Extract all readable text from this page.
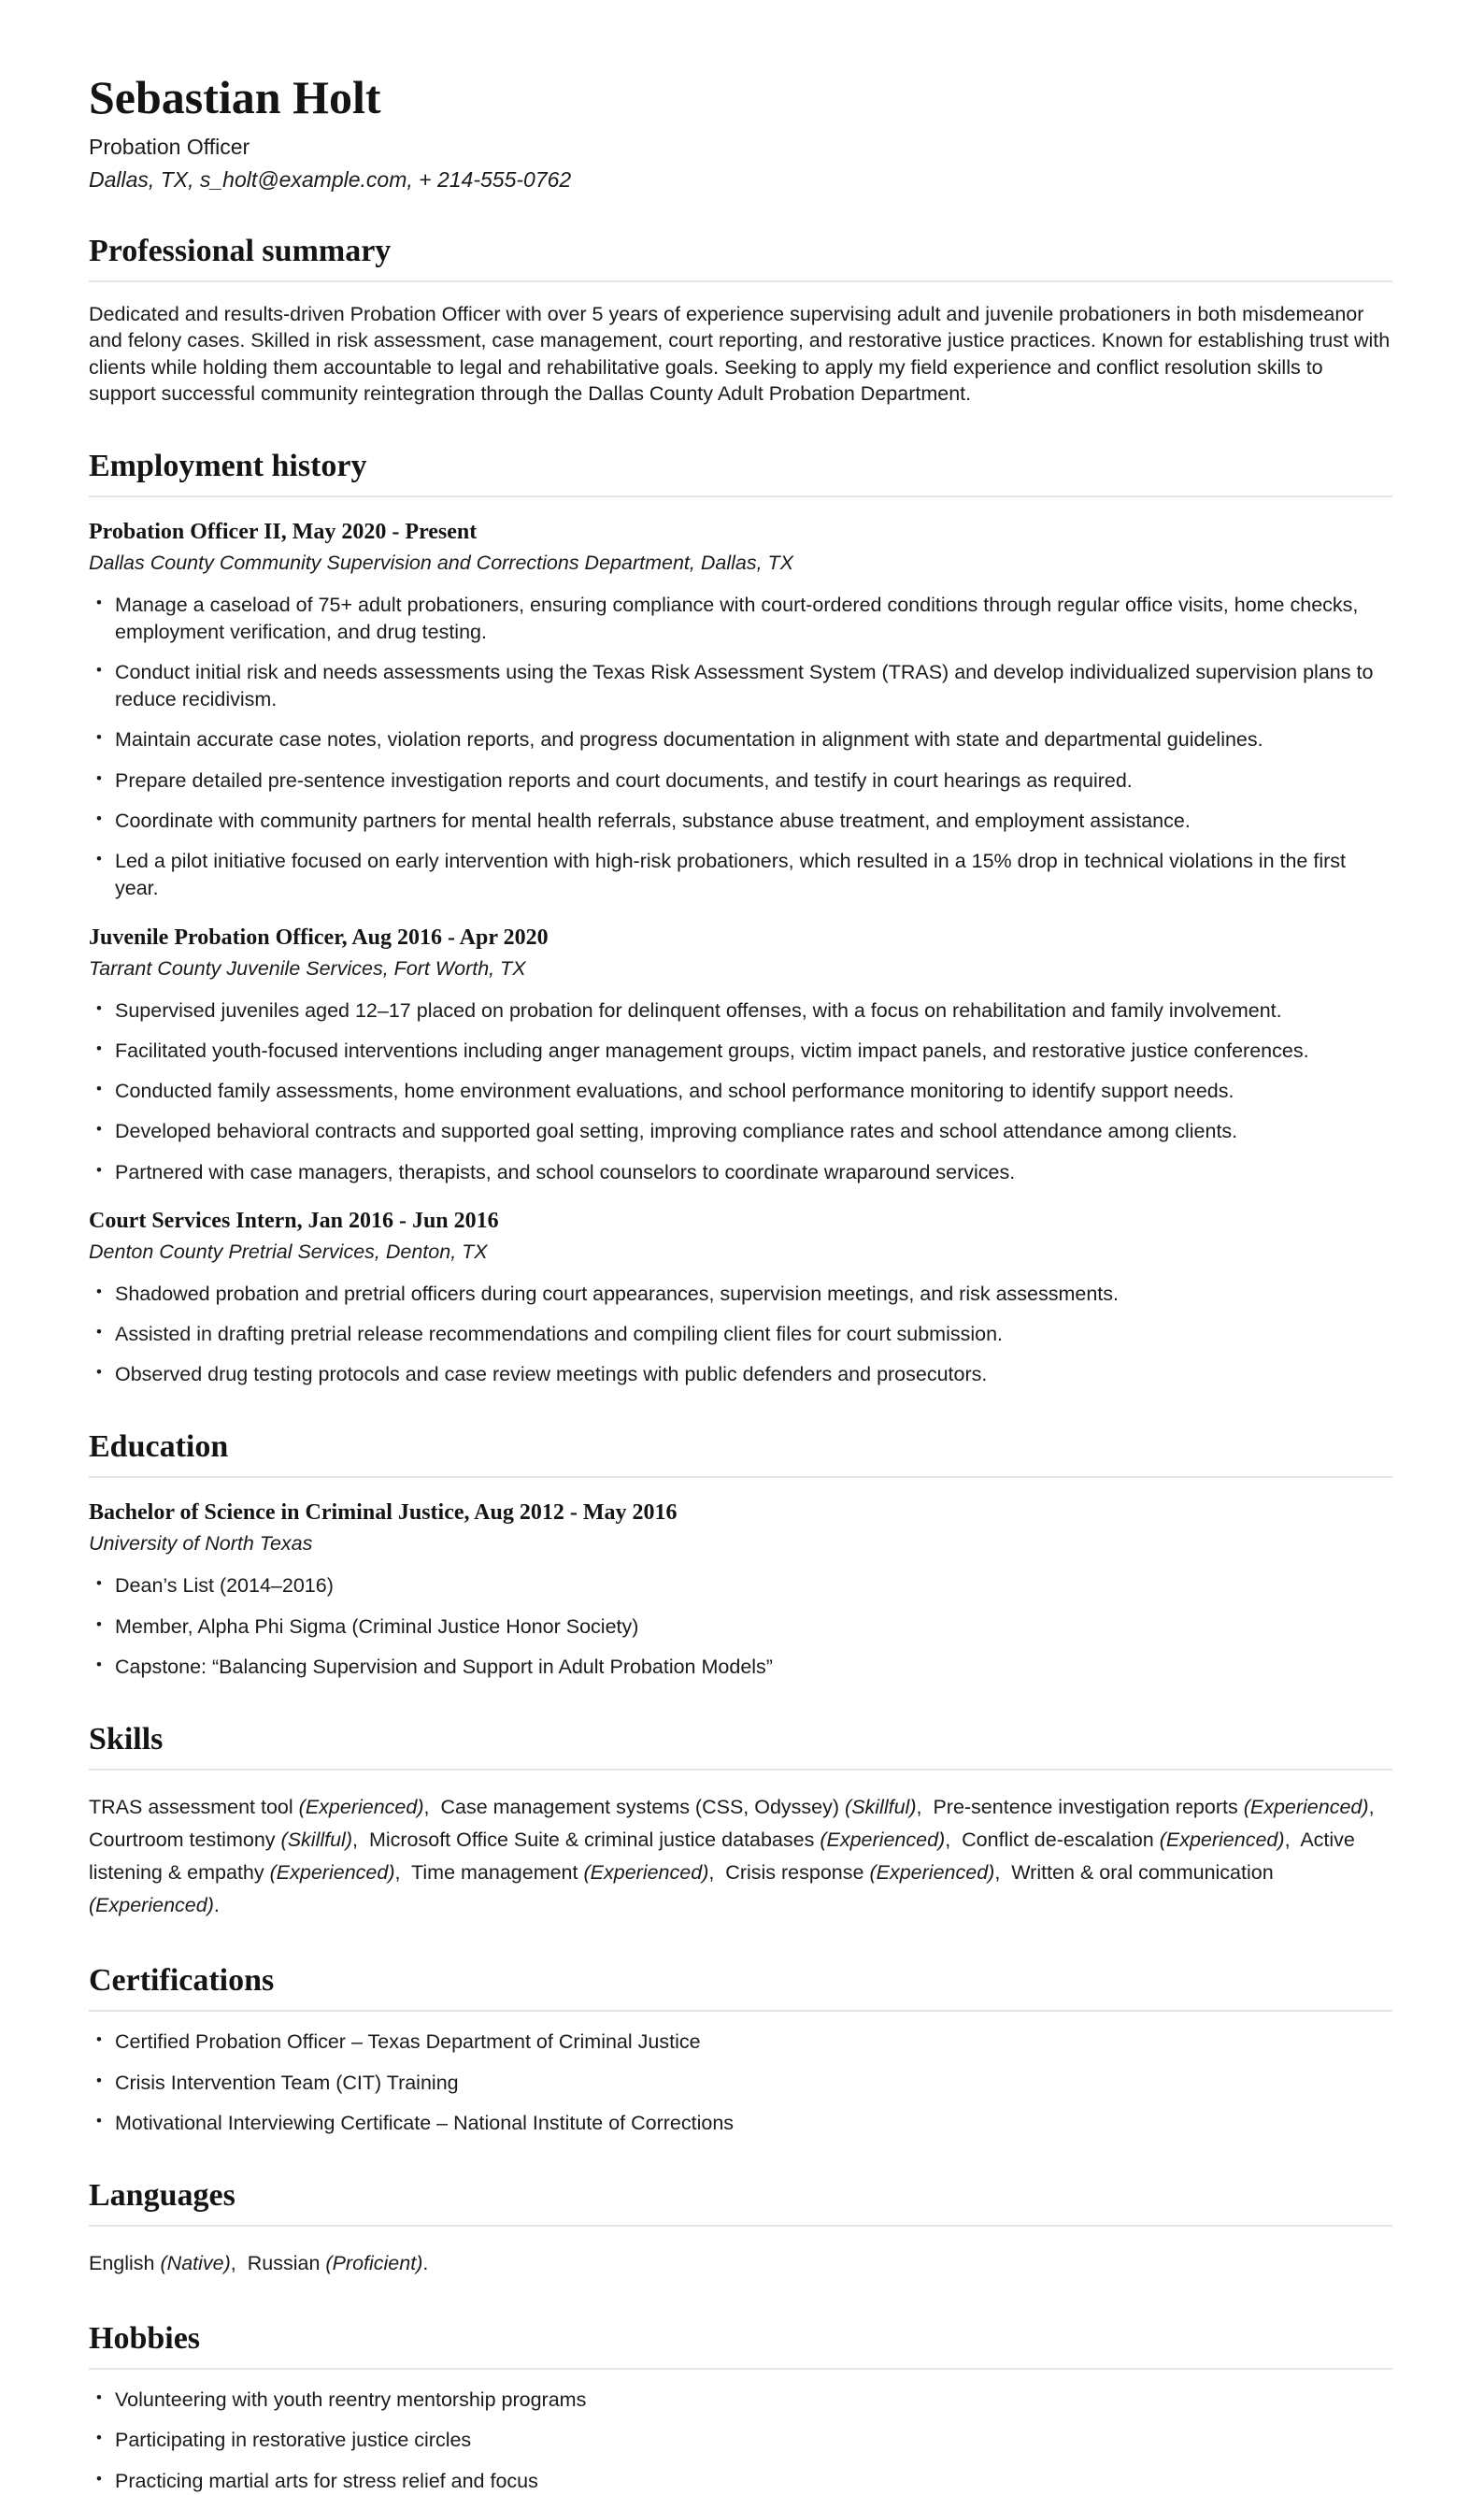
Sebastian Holt
Probation Officer
Dallas, TX, s_holt@example.com, + 214-555-0762
Professional summary

Dedicated and results-driven Probation Officer with over 5 years of experience supervising adult and juvenile probationers in both misdemeanor and felony cases. Skilled in risk assessment, case management, court reporting, and restorative justice practices. Known for establishing trust with clients while holding them accountable to legal and rehabilitative goals. Seeking to apply my field experience and conflict resolution skills to support successful community reintegration through the Dallas County Adult Probation Department.

Employment history
Probation Officer II, May 2020 - Present
Dallas County Community Supervision and Corrections Department, Dallas, TX
• Manage a caseload of 75+ adult probationers, ensuring compliance with court-ordered conditions through regular office visits, home checks, employment verification, and drug testing.
• Conduct initial risk and needs assessments using the Texas Risk Assessment System (TRAS) and develop individualized supervision plans to reduce recidivism.
• Maintain accurate case notes, violation reports, and progress documentation in alignment with state and departmental guidelines.
• Prepare detailed pre-sentence investigation reports and court documents, and testify in court hearings as required.
• Coordinate with community partners for mental health referrals, substance abuse treatment, and employment assistance.
• Led a pilot initiative focused on early intervention with high-risk probationers, which resulted in a 15% drop in technical violations in the first year.
Juvenile Probation Officer, Aug 2016 - Apr 2020
Tarrant County Juvenile Services, Fort Worth, TX
• Supervised juveniles aged 12–17 placed on probation for delinquent offenses, with a focus on rehabilitation and family involvement.
• Facilitated youth-focused interventions including anger management groups, victim impact panels, and restorative justice conferences.
• Conducted family assessments, home environment evaluations, and school performance monitoring to identify support needs.
• Developed behavioral contracts and supported goal setting, improving compliance rates and school attendance among clients.
• Partnered with case managers, therapists, and school counselors to coordinate wraparound services.
Court Services Intern, Jan 2016 - Jun 2016
Denton County Pretrial Services, Denton, TX
• Shadowed probation and pretrial officers during court appearances, supervision meetings, and risk assessments.
• Assisted in drafting pretrial release recommendations and compiling client files for court submission.
• Observed drug testing protocols and case review meetings with public defenders and prosecutors.
Education
Bachelor of Science in Criminal Justice, Aug 2012 - May 2016
University of North Texas
• Dean’s List (2014–2016)
• Member, Alpha Phi Sigma (Criminal Justice Honor Society)
• Capstone: “Balancing Supervision and Support in Adult Probation Models”
Skills

TRAS assessment tool ( Experienced ) , Case management systems (CSS, Odyssey) ( Skillful ) , Pre-sentence investigation reports ( Experienced ) ,  Courtroom testimony ( Skillful ) , Microsoft Office Suite & criminal justice databases ( Experienced ) , Conflict de-escalation ( Experienced ) , Active listening & empathy ( Experienced ) , Time management ( Experienced ) , Crisis response ( Experienced ) , Written & oral communication ( Experienced ) .

Certifications
• Certified Probation Officer – Texas Department of Criminal Justice
• Crisis Intervention Team (CIT) Training
• Motivational Interviewing Certificate – National Institute of Corrections
Languages

English ( Native ) , Russian ( Proficient ) .

Hobbies
• Volunteering with youth reentry mentorship programs
• Participating in restorative justice circles
• Practicing martial arts for stress relief and focus
